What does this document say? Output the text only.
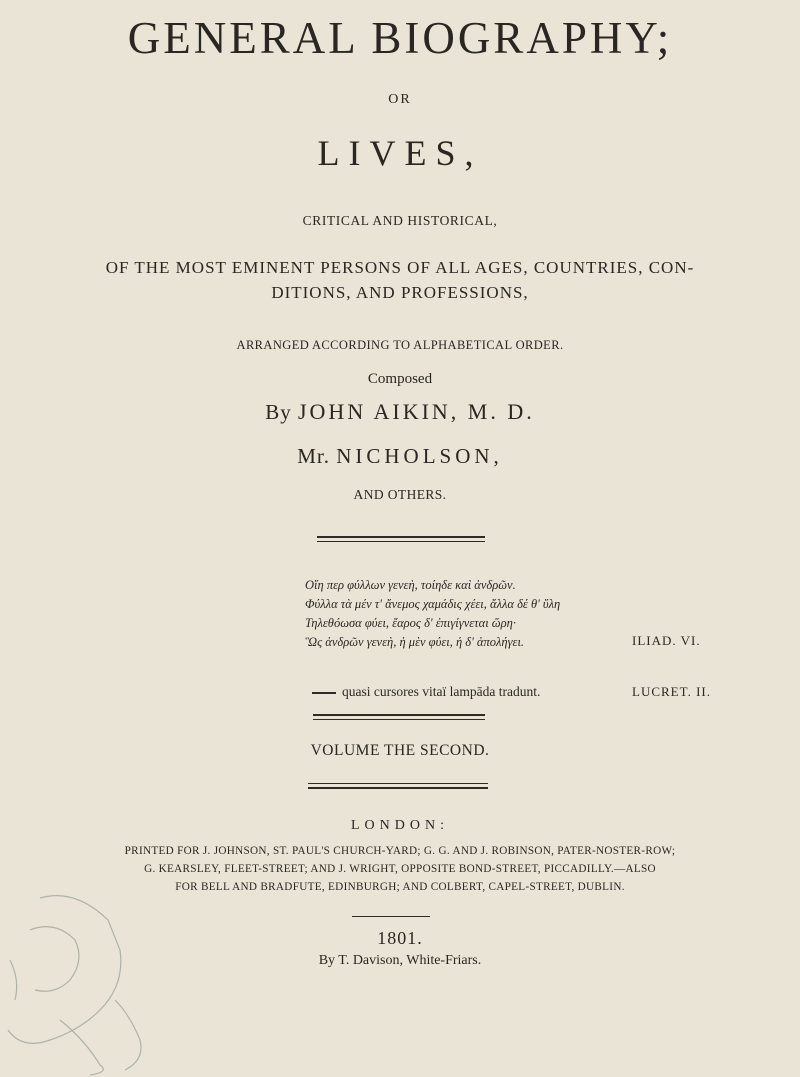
GENERAL BIOGRAPHY;
OR
LIVES,
CRITICAL AND HISTORICAL,
OF THE MOST EMINENT PERSONS OF ALL AGES, COUNTRIES, CON-
DITIONS, AND PROFESSIONS,
ARRANGED ACCORDING TO ALPHABETICAL ORDER.
Composed
By JOHN AIKIN, M. D.
Mr. NICHOLSON,
AND OTHERS.
Οἵη περ φύλλων γενεὴ, τοίηδε καὶ ἀνδρῶν.
Φύλλα τὰ μέν τ' ἄνεμος χαμάδις χέει, ἄλλα δέ θ' ὕλη
Τηλεθόωσα φύει, ἔαρος δ' ἐπιγίγνεται ὥρη·
Ὣς ἀνδρῶν γενεὴ, ἡ μὲν φύει, ἡ δ' ἀπολήγει.	ILIAD. VI.
quasi cursores vitaï lampāda tradunt.	LUCRET. II.
VOLUME THE SECOND.
LONDON:
PRINTED FOR J. JOHNSON, ST. PAUL'S CHURCH-YARD; G. G. AND J. ROBINSON, PATER-NOSTER-ROW;
G. KEARSLEY, FLEET-STREET; AND J. WRIGHT, OPPOSITE BOND-STREET, PICCADILLY.—ALSO
FOR BELL AND BRADFUTE, EDINBURGH; AND COLBERT, CAPEL-STREET, DUBLIN.
1801.
By T. Davison, White-Friars.
